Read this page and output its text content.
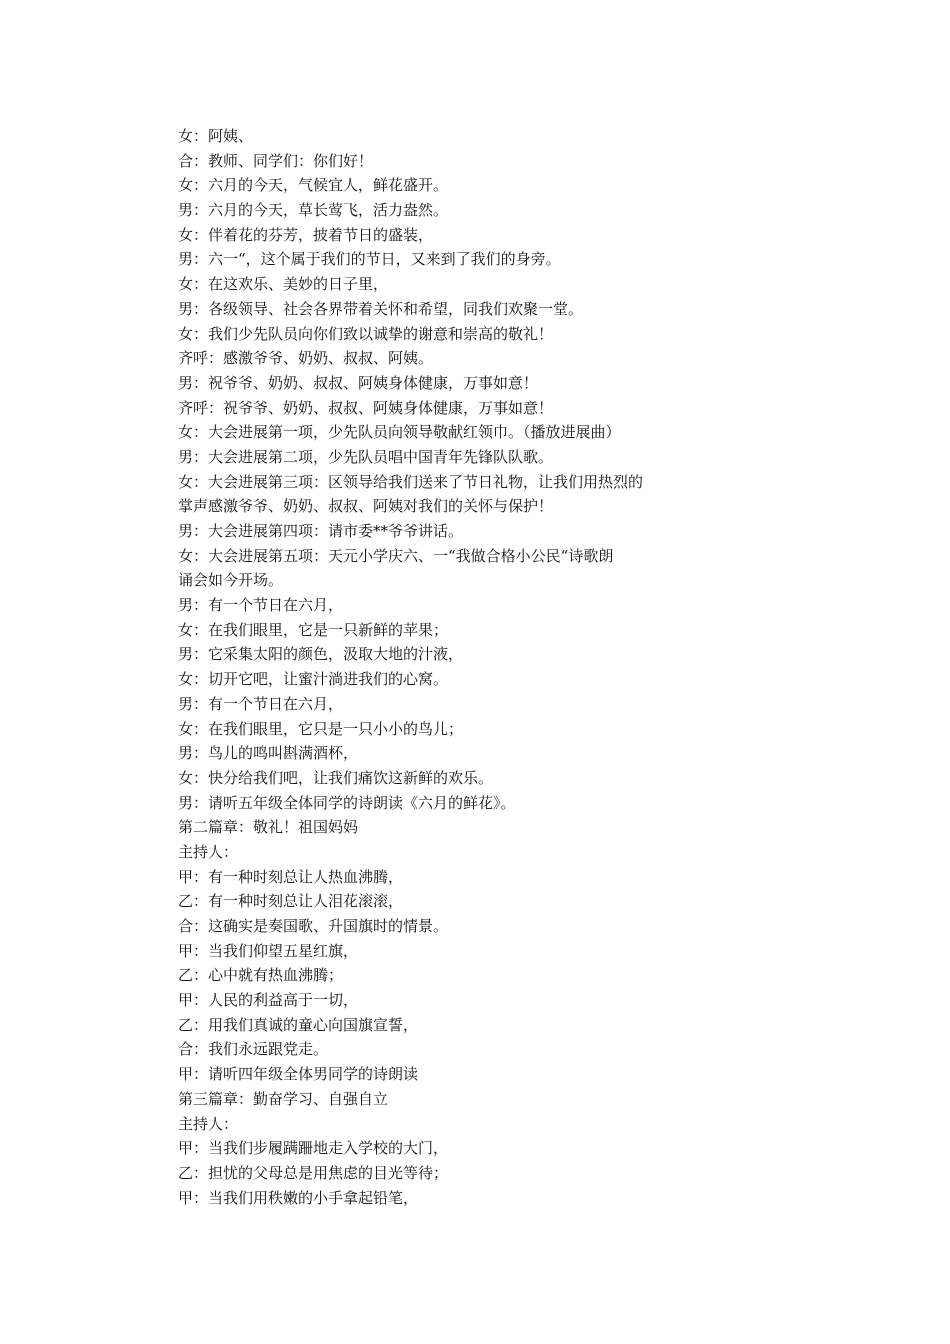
女：阿姨、

合：教师、同学们：你们好！

女：六月的今天，气候宜人，鲜花盛开。

男：六月的今天，草长莺飞，活力盎然。

女：伴着花的芬芳，披着节日的盛装，

男：六一“，这个属于我们的节日，又来到了我们的身旁。

女：在这欢乐、美妙的日子里，

男：各级领导、社会各界带着关怀和希望，同我们欢聚一堂。

女：我们少先队员向你们致以诚挚的谢意和崇高的敬礼！

齐呼：感激爷爷、奶奶、叔叔、阿姨。

男：祝爷爷、奶奶、叔叔、阿姨身体健康，万事如意！

齐呼：祝爷爷、奶奶、叔叔、阿姨身体健康，万事如意！

女：大会进展第一项，少先队员向领导敬献红领巾。（播放进展曲）

男：大会进展第二项，少先队员唱中国青年先锋队队歌。

女：大会进展第三项：区领导给我们送来了节日礼物，让我们用热烈的

掌声感激爷爷、奶奶、叔叔、阿姨对我们的关怀与保护！

男：大会进展第四项：请市委**爷爷讲话。

女：大会进展第五项：天元小学庆六、一“我做合格小公民“诗歌朗

诵会如今开场。

男：有一个节日在六月，

女：在我们眼里，它是一只新鲜的苹果；

男：它采集太阳的颜色，汲取大地的汁液，

女：切开它吧，让蜜汁淌进我们的心窝。

男：有一个节日在六月，

女：在我们眼里，它只是一只小小的鸟儿；

男：鸟儿的鸣叫斟满酒杯，

女：快分给我们吧，让我们痛饮这新鲜的欢乐。

男：请听五年级全体同学的诗朗读《六月的鲜花》。

第二篇章：敬礼！祖国妈妈

主持人：

甲：有一种时刻总让人热血沸腾，

乙：有一种时刻总让人泪花滚滚，

合：这确实是奏国歌、升国旗时的情景。

甲：当我们仰望五星红旗，

乙：心中就有热血沸腾；

甲：人民的利益高于一切，

乙：用我们真诚的童心向国旗宣誓，

合：我们永远跟党走。

甲：请听四年级全体男同学的诗朗读

第三篇章：勤奋学习、自强自立

主持人：

甲：当我们步履蹒跚地走入学校的大门，

乙：担忧的父母总是用焦虑的目光等待；

甲：当我们用秩嫩的小手拿起铅笔，
